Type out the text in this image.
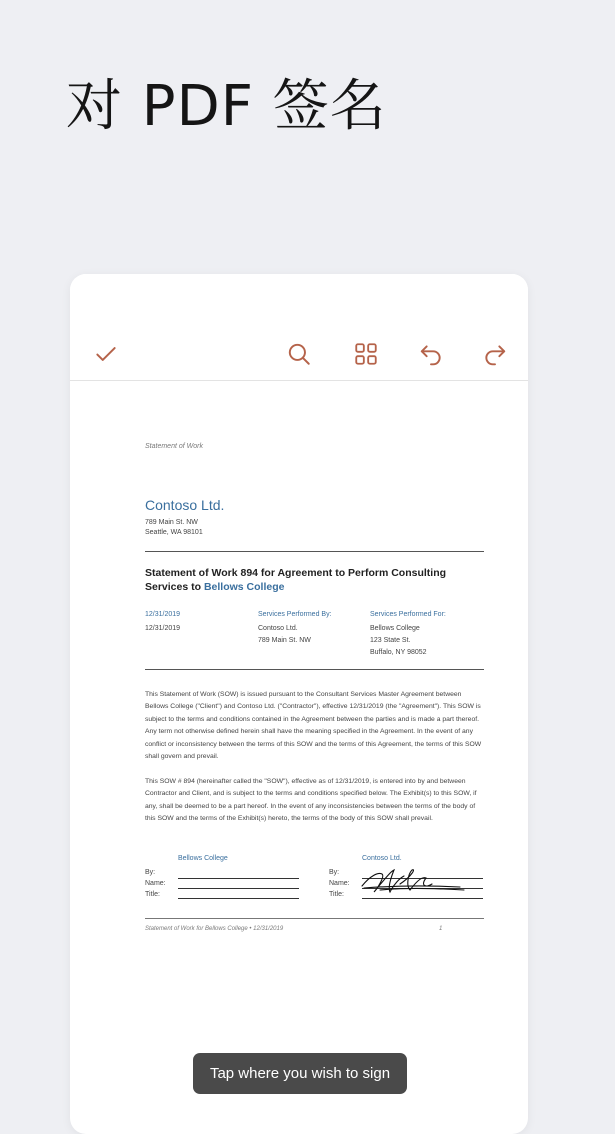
对 PDF 签名
Statement of Work
Contoso Ltd.
789 Main St. NW
Seattle, WA 98101
Statement of Work 894 for Agreement to Perform Consulting Services to Bellows College
12/31/2019
12/31/2019
Services Performed By:
Contoso Ltd.
789 Main St. NW
Services Performed For:
Bellows College
123 State St.
Buffalo, NY 98052
This Statement of Work (SOW) is issued pursuant to the Consultant Services Master Agreement between Bellows College ("Client") and Contoso Ltd. ("Contractor"), effective 12/31/2019 (the "Agreement"). This SOW is subject to the terms and conditions contained in the Agreement between the parties and is made a part thereof. Any term not otherwise defined herein shall have the meaning specified in the Agreement. In the event of any conflict or inconsistency between the terms of this SOW and the terms of this Agreement, the terms of this SOW shall govern and prevail.
This SOW # 894 (hereinafter called the "SOW"), effective as of 12/31/2019, is entered into by and between Contractor and Client, and is subject to the terms and conditions specified below. The Exhibit(s) to this SOW, if any, shall be deemed to be a part hereof. In the event of any inconsistencies between the terms of the body of this SOW and the terms of the Exhibit(s) hereto, the terms of the body of this SOW shall prevail.
Bellows College
By:
Name:
Title:
Contoso Ltd.
By:
Name:
Title:
Statement of Work for Bellows College • 12/31/2019	1
Tap where you wish to sign
